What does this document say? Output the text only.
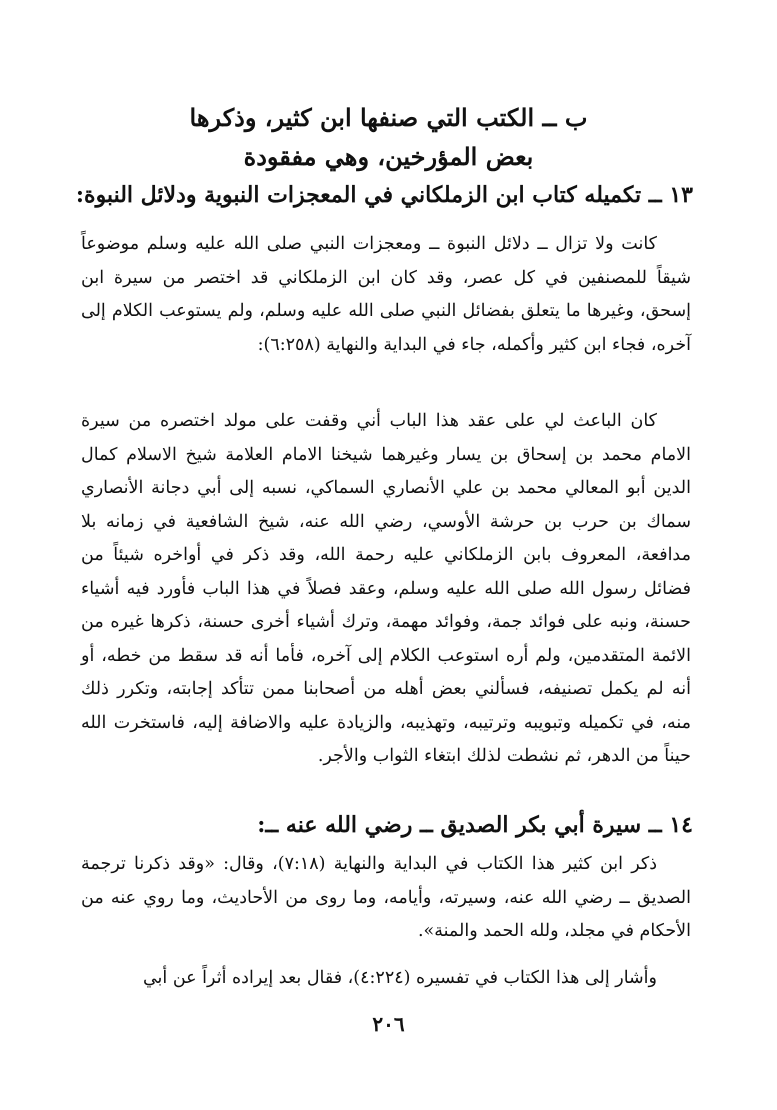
ب ــ الكتب التي صنفها ابن كثير، وذكرها
بعض المؤرخين، وهي مفقودة
١٣ ــ تكميله كتاب ابن الزملكاني في المعجزات النبوية ودلائل النبوة:
كانت ولا تزال ــ دلائل النبوة ــ ومعجزات النبي صلى الله عليه وسلم موضوعاً شيقاً للمصنفين في كل عصر، وقد كان ابن الزملكاني قد اختصر من سيرة ابن إسحق، وغيرها ما يتعلق بفضائل النبي صلى الله عليه وسلم، ولم يستوعب الكلام إلى آخره، فجاء ابن كثير وأكمله، جاء في البداية والنهاية (٦:٢٥٨):
كان الباعث لي على عقد هذا الباب أني وقفت على مولد اختصره من سيرة الامام محمد بن إسحاق بن يسار وغيرهما شيخنا الامام العلامة شيخ الاسلام كمال الدين أبو المعالي محمد بن علي الأنصاري السماكي، نسبه إلى أبي دجانة الأنصاري سماك بن حرب بن حرشة الأوسي، رضي الله عنه، شيخ الشافعية في زمانه بلا مدافعة، المعروف بابن الزملكاني عليه رحمة الله، وقد ذكر في أواخره شيئاً من فضائل رسول الله صلى الله عليه وسلم، وعقد فصلاً في هذا الباب فأورد فيه أشياء حسنة، ونبه على فوائد جمة، وفوائد مهمة، وترك أشياء أخرى حسنة، ذكرها غيره من الائمة المتقدمين، ولم أره استوعب الكلام إلى آخره، فأما أنه قد سقط من خطه، أو أنه لم يكمل تصنيفه، فسألني بعض أهله من أصحابنا ممن تتأكد إجابته، وتكرر ذلك منه، في تكميله وتبويبه وترتيبه، وتهذيبه، والزيادة عليه والاضافة إليه، فاستخرت الله حيناً من الدهر، ثم نشطت لذلك ابتغاء الثواب والأجر.
١٤ ــ سيرة أبي بكر الصديق ــ رضي الله عنه ــ:
ذكر ابن كثير هذا الكتاب في البداية والنهاية (٧:١٨)، وقال: «وقد ذكرنا ترجمة الصديق ــ رضي الله عنه، وسيرته، وأيامه، وما روى من الأحاديث، وما روي عنه من الأحكام في مجلد، ولله الحمد والمنة».
وأشار إلى هذا الكتاب في تفسيره (٤:٢٢٤)، فقال بعد إيراده أثراً عن أبي
٢٠٦
